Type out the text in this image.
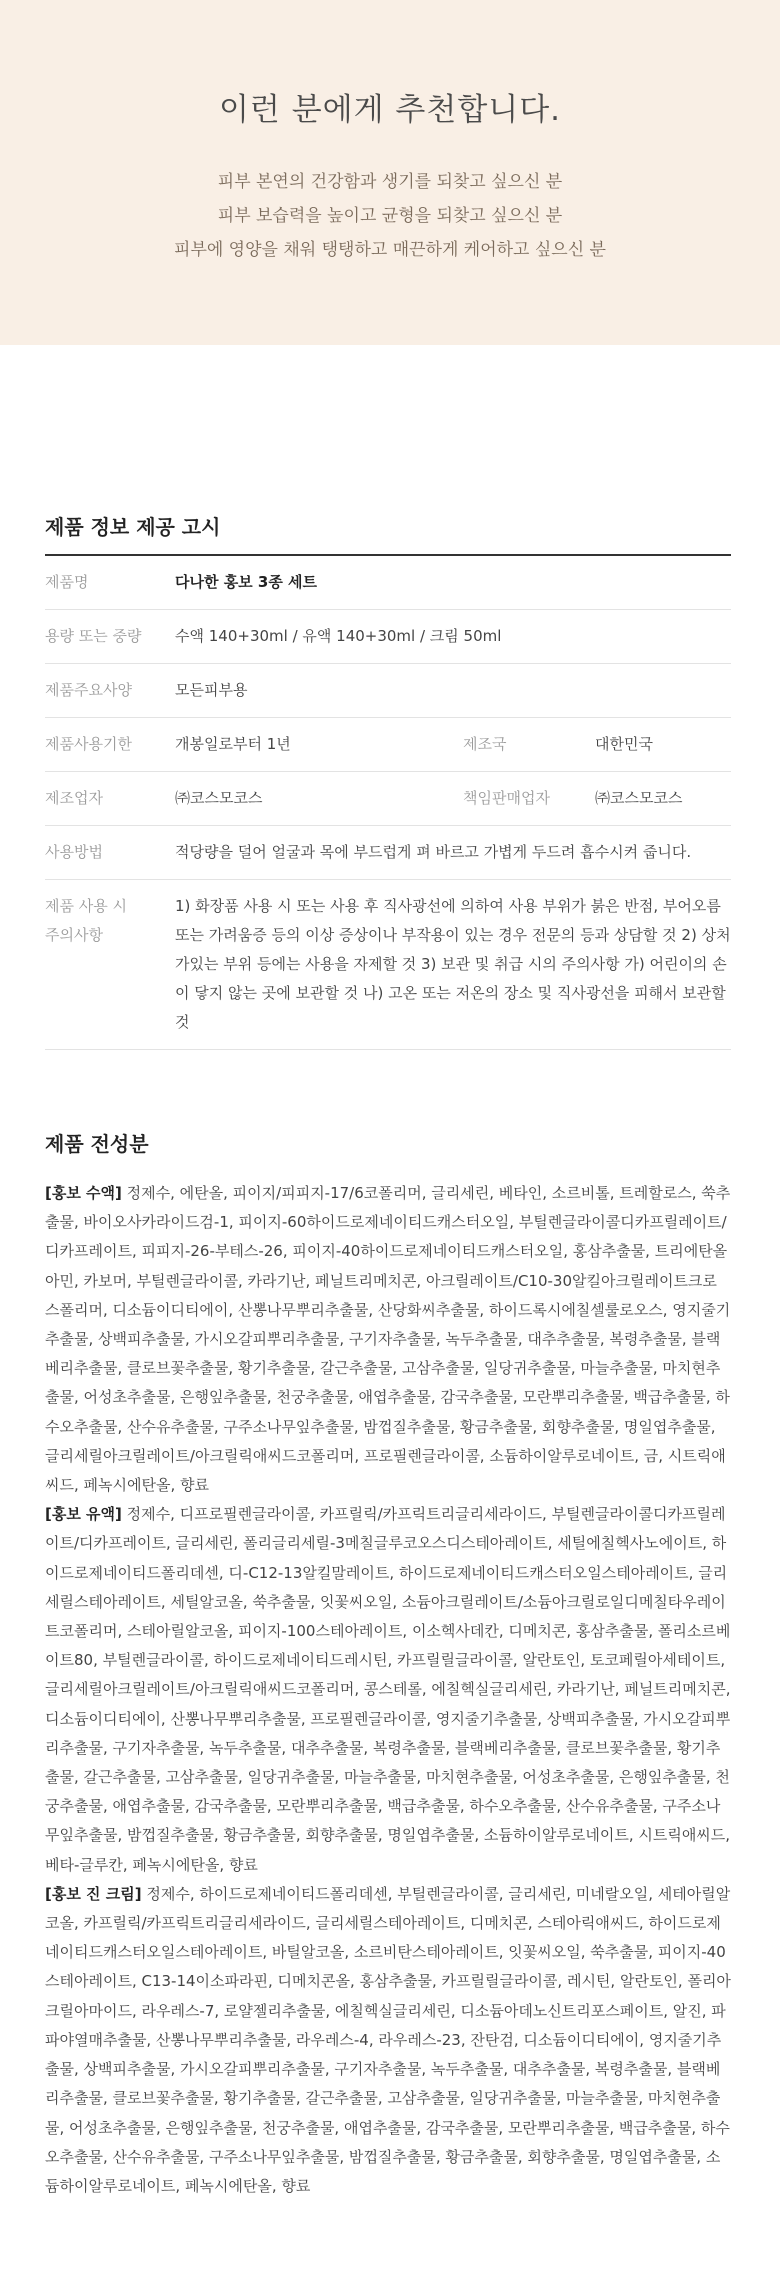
이런 분에게 추천합니다.

피부 본연의 건강함과 생기를 되찾고 싶으신 분

피부 보습력을 높이고 균형을 되찾고 싶으신 분

피부에 영양을 채워 탱탱하고 매끈하게 케어하고 싶으신 분

제품 정보 제공 고시
제품명	다나한 홍보 3종 세트		
용량 또는 중량	수액 140+30ml / 유액 140+30ml / 크림 50ml		
제품주요사양	모든피부용		
제품사용기한	개봉일로부터 1년	제조국	대한민국
제조업자	㈜코스모코스	책임판매업자	㈜코스모코스
사용방법	적당량을 덜어 얼굴과 목에 부드럽게 펴 바르고 가볍게 두드려 흡수시켜 줍니다.		
제품 사용 시
주의사항	1) 화장품 사용 시 또는 사용 후 직사광선에 의하여 사용 부위가 붉은 반점, 부어오름 또는 가려움증 등의 이상 증상이나 부작용이 있는 경우 전문의 등과 상담할 것 2) 상처가있는 부위 등에는 사용을 자제할 것 3) 보관 및 취급 시의 주의사항 가) 어린이의 손이 닿지 않는 곳에 보관할 것 나) 고온 또는 저온의 장소 및 직사광선을 피해서 보관할 것		
제품 전성분

[홍보 수액] 정제수, 에탄올, 피이지/피피지-17/6코폴리머, 글리세린, 베타인, 소르비톨, 트레할로스, 쑥추출물, 바이오사카라이드검-1, 피이지-60하이드로제네이티드캐스터오일, 부틸렌글라이콜디카프릴레이트/디카프레이트, 피피지-26-부테스-26, 피이지-40하이드로제네이티드캐스터오일, 홍삼추출물, 트리에탄올아민, 카보머, 부틸렌글라이콜, 카라기난, 페닐트리메치콘, 아크릴레이트/C10-30알킬아크릴레이트크로스폴리머, 디소듐이디티에이, 산뽕나무뿌리추출물, 산당화씨추출물, 하이드록시에칠셀룰로오스, 영지줄기추출물, 상백피추출물, 가시오갈피뿌리추출물, 구기자추출물, 녹두추출물, 대추추출물, 복령추출물, 블랙베리추출물, 클로브꽃추출물, 황기추출물, 갈근추출물, 고삼추출물, 일당귀추출물, 마늘추출물, 마치현추출물, 어성초추출물, 은행잎추출물, 천궁추출물, 애엽추출물, 감국추출물, 모란뿌리추출물, 백급추출물, 하수오추출물, 산수유추출물, 구주소나무잎추출물, 밤껍질추출물, 황금추출물, 회향추출물, 명일엽추출물, 글리세릴아크릴레이트/아크릴릭애씨드코폴리머, 프로필렌글라이콜, 소듐하이알루로네이트, 금, 시트릭애씨드, 페녹시에탄올, 향료

[홍보 유액] 정제수, 디프로필렌글라이콜, 카프릴릭/카프릭트리글리세라이드, 부틸렌글라이콜디카프릴레이트/디카프레이트, 글리세린, 폴리글리세릴-3메칠글루코오스디스테아레이트, 세틸에칠헥사노에이트, 하이드로제네이티드폴리데센, 디-C12-13알킬말레이트, 하이드로제네이티드캐스터오일스테아레이트, 글리세릴스테아레이트, 세틸알코올, 쑥추출물, 잇꽃씨오일, 소듐아크릴레이트/소듐아크릴로일디메칠타우레이트코폴리머, 스테아릴알코올, 피이지-100스테아레이트, 이소헥사데칸, 디메치콘, 홍삼추출물, 폴리소르베이트80, 부틸렌글라이콜, 하이드로제네이티드레시틴, 카프릴릴글라이콜, 알란토인, 토코페릴아세테이트, 글리세릴아크릴레이트/아크릴릭애씨드코폴리머, 콩스테롤, 에칠헥실글리세린, 카라기난, 페닐트리메치콘, 디소듐이디티에이, 산뽕나무뿌리추출물, 프로필렌글라이콜, 영지줄기추출물, 상백피추출물, 가시오갈피뿌리추출물, 구기자추출물, 녹두추출물, 대추추출물, 복령추출물, 블랙베리추출물, 클로브꽃추출물, 황기추출물, 갈근추출물, 고삼추출물, 일당귀추출물, 마늘추출물, 마치현추출물, 어성초추출물, 은행잎추출물, 천궁추출물, 애엽추출물, 감국추출물, 모란뿌리추출물, 백급추출물, 하수오추출물, 산수유추출물, 구주소나무잎추출물, 밤껍질추출물, 황금추출물, 회향추출물, 명일엽추출물, 소듐하이알루로네이트, 시트릭애씨드, 베타-글루칸, 페녹시에탄올, 향료

[홍보 진 크림] 정제수, 하이드로제네이티드폴리데센, 부틸렌글라이콜, 글리세린, 미네랄오일, 세테아릴알코올, 카프릴릭/카프릭트리글리세라이드, 글리세릴스테아레이트, 디메치콘, 스테아릭애씨드, 하이드로제네이티드캐스터오일스테아레이트, 바틸알코올, 소르비탄스테아레이트, 잇꽃씨오일, 쑥추출물, 피이지-40스테아레이트, C13-14이소파라핀, 디메치콘올, 홍삼추출물, 카프릴릴글라이콜, 레시틴, 알란토인, 폴리아크릴아마이드, 라우레스-7, 로얄젤리추출물, 에칠헥실글리세린, 디소듐아데노신트리포스페이트, 알진, 파파야열매추출물, 산뽕나무뿌리추출물, 라우레스-4, 라우레스-23, 잔탄검, 디소듐이디티에이, 영지줄기추출물, 상백피추출물, 가시오갈피뿌리추출물, 구기자추출물, 녹두추출물, 대추추출물, 복령추출물, 블랙베리추출물, 클로브꽃추출물, 황기추출물, 갈근추출물, 고삼추출물, 일당귀추출물, 마늘추출물, 마치현추출물, 어성초추출물, 은행잎추출물, 천궁추출물, 애엽추출물, 감국추출물, 모란뿌리추출물, 백급추출물, 하수오추출물, 산수유추출물, 구주소나무잎추출물, 밤껍질추출물, 황금추출물, 회향추출물, 명일엽추출물, 소듐하이알루로네이트, 페녹시에탄올, 향료
